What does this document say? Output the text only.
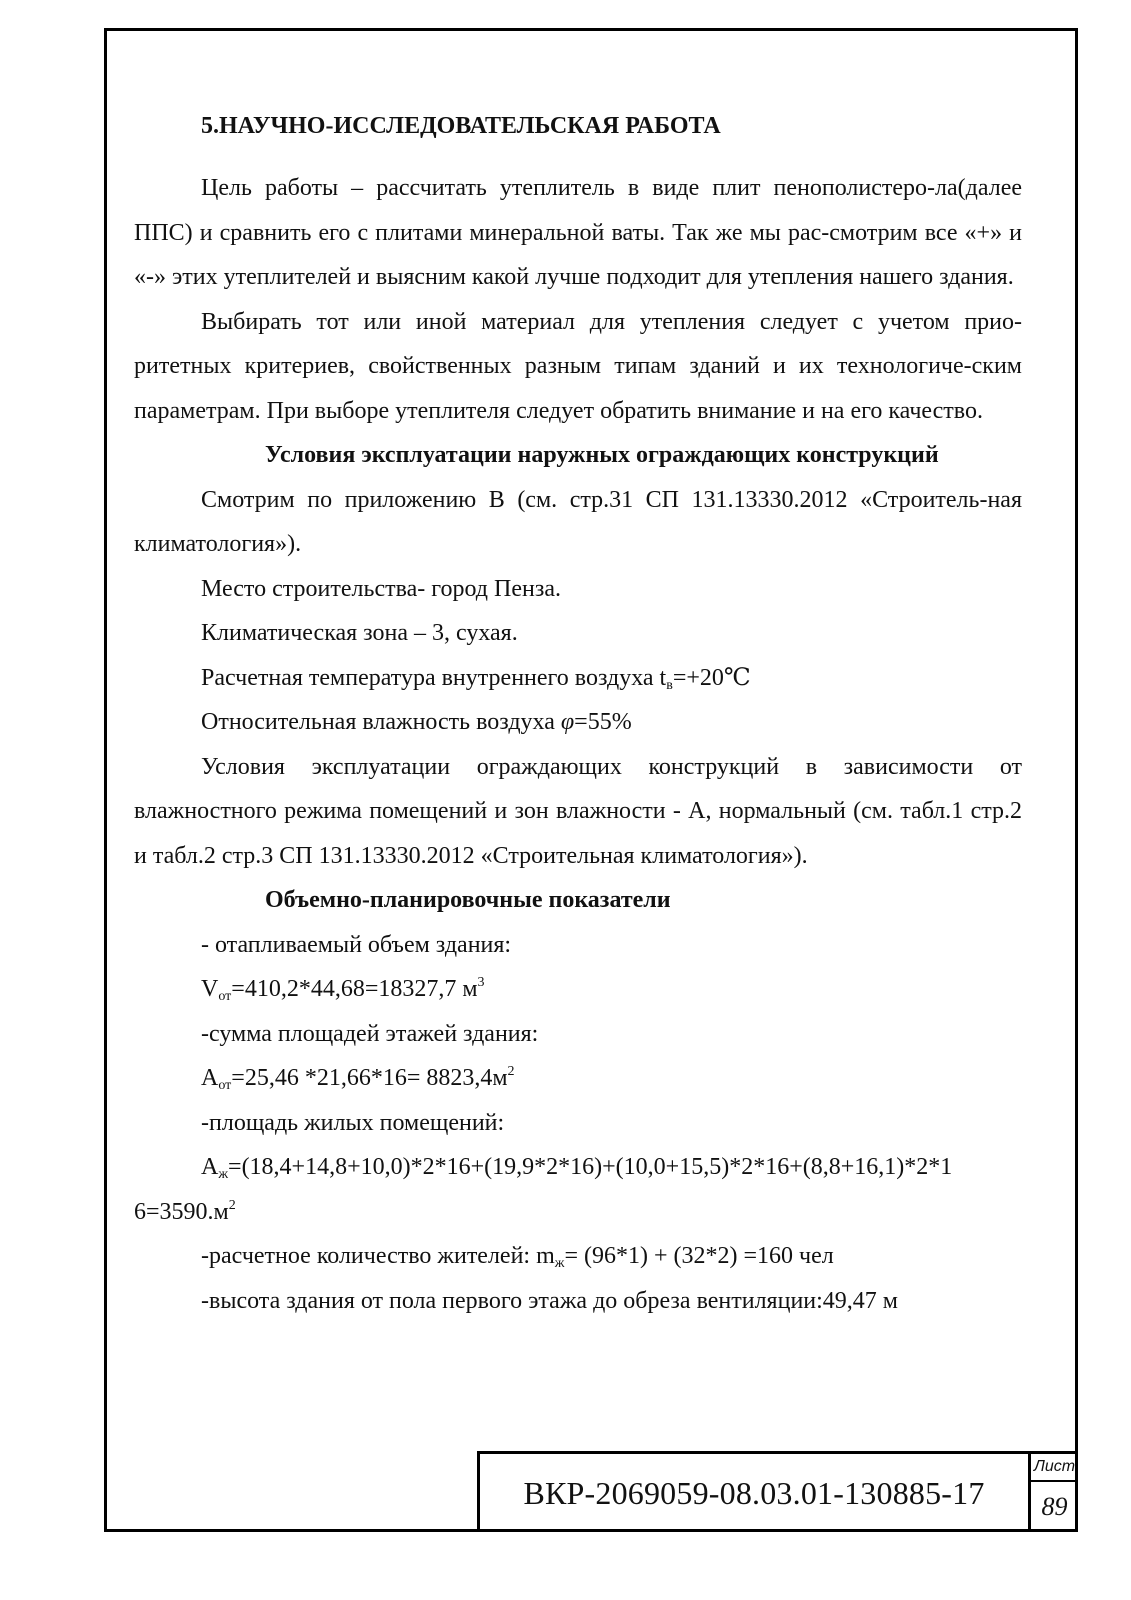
5.НАУЧНО-ИССЛЕДОВАТЕЛЬСКАЯ РАБОТА

Цель работы – рассчитать утеплитель в виде плит пенополистеро-ла(далее ППС) и сравнить его с плитами минеральной ваты. Так же мы рас-смотрим все «+» и «-» этих утеплителей и выясним какой лучше подходит для утепления нашего здания.

Выбирать тот или иной материал для утепления следует с учетом прио-ритетных критериев, свойственных разным типам зданий и их технологиче-ским параметрам. При выборе утеплителя следует обратить внимание и на его качество.

Условия эксплуатации наружных ограждающих конструкций

Смотрим по приложению В (см. стр.31 СП 131.13330.2012 «Строитель-ная климатология»).

Место строительства- город Пенза.

Климатическая зона – 3, сухая.

Расчетная температура внутреннего воздуха $t_в=+20℃$

Относительная влажность воздуха φ=55%

Условия эксплуатации ограждающих конструкций в зависимости от влажностного режима помещений и зон влажности - А, нормальный (см. табл.1 стр.2 и табл.2 стр.3 СП 131.13330.2012 «Строительная климатология»).

Объемно-планировочные показатели

- отапливаемый объем здания:

$V_{от}=410,2*44,68=18327,7$ $м^3$

-сумма площадей этажей здания:

$А_{от}=25,46$ $*21,66*16= 8823,4м^2$

-площадь жилых помещений:

$А_ж=(18,4+14,8+10,0)*2*16+(19,9*2*16)+(10,0+15,5)*2*16+(8,8+16,1)*2*1$

$6=3590.м^2$

-расчетное количество жителей: $m_ж= (96*1) + (32*2) =160$ чел

-высота здания от пола первого этажа до обреза вентиляции:49,47 м

ВКР-2069059-08.03.01-130885-17
Лист
89
